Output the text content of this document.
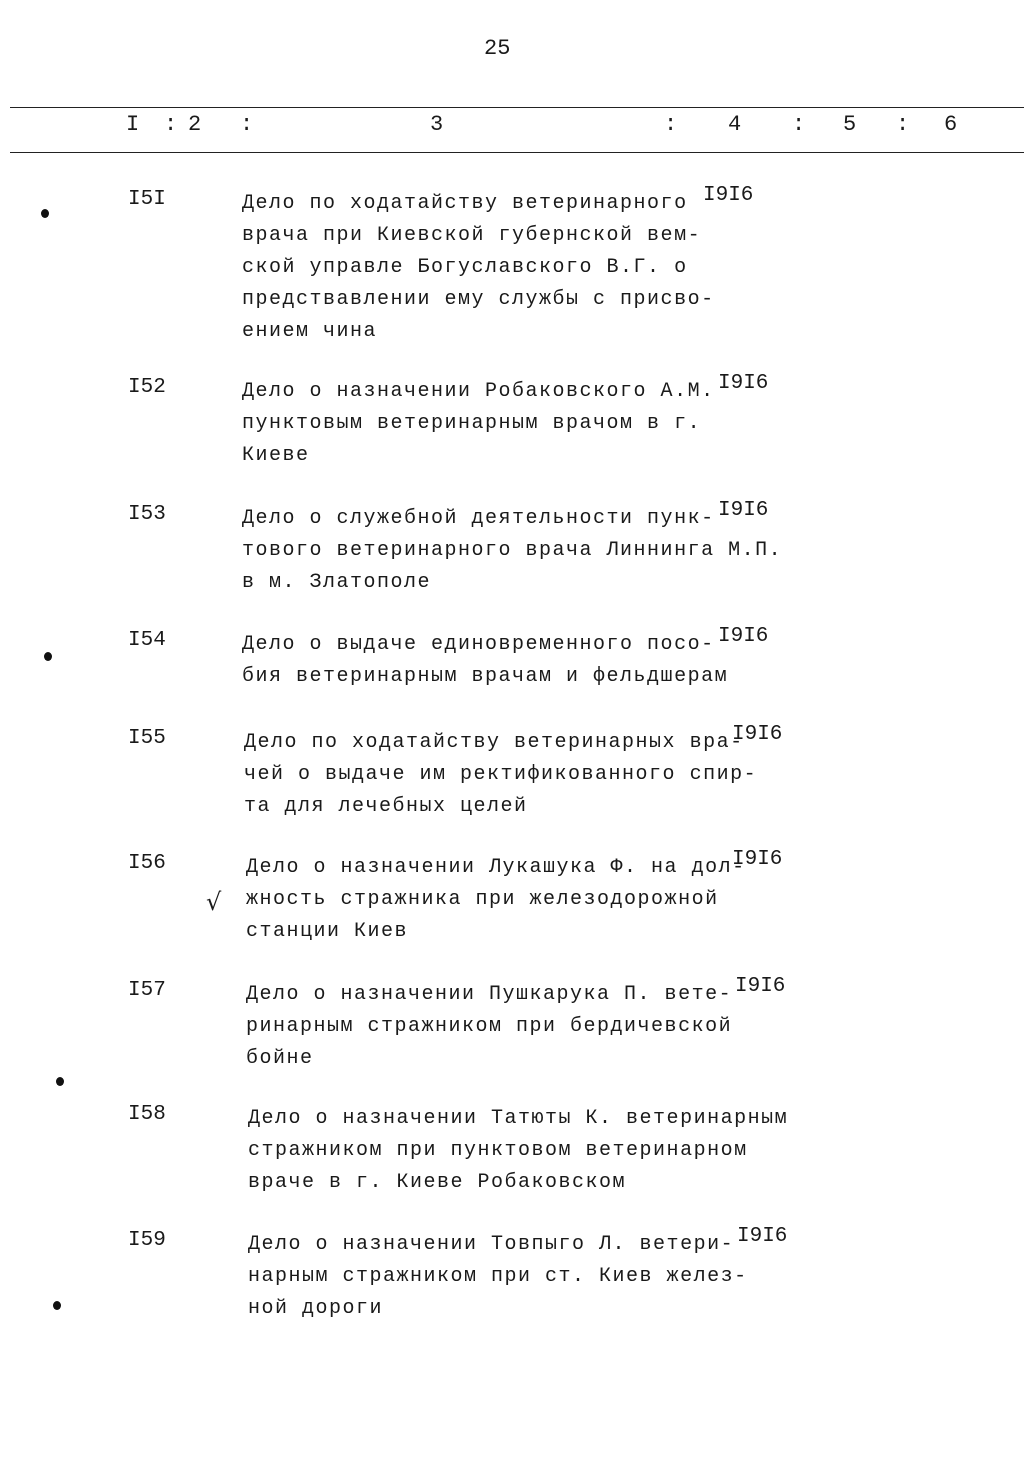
25
I : 2 :	3	: 4 : 5 : 6
I5I	Дело по ходатайству ветеринарного
врача при Киевской губернской вем-
ской управле Богуславского В.Г. о
предствавлении ему службы с присво-
ением чина
I9I6
I52	Дело о назначении Робаковского А.М.
пунктовым ветеринарным врачом в г.
Киеве
I9I6
I53	Дело о служебной деятельности пунк-
тового ветеринарного врача Линнинга М.П.
в м. Златополе
I9I6
I54	Дело о выдаче единовременного посо-
бия ветеринарным врачам и фельдшерам
I9I6
I55	Дело по ходатайству ветеринарных вра-
чей о выдаче им ректификованного спир-
та для лечебных целей
I9I6
I56	Дело о назначении Лукашука Ф. на дол-
жность стражника при железодорожной
станции Киев
I9I6
I57	Дело о назначении Пушкарука П. вете-
ринарным стражником при бердичевской
бойне
I9I6
I58	Дело о назначении Татюты К. ветеринарным
стражником при пунктовом ветеринарном
враче в г. Киеве Робаковском
I59	Дело о назначении Товпыго Л. ветери-
нарным стражником при ст. Киев желез-
ной дороги
I9I6
√
